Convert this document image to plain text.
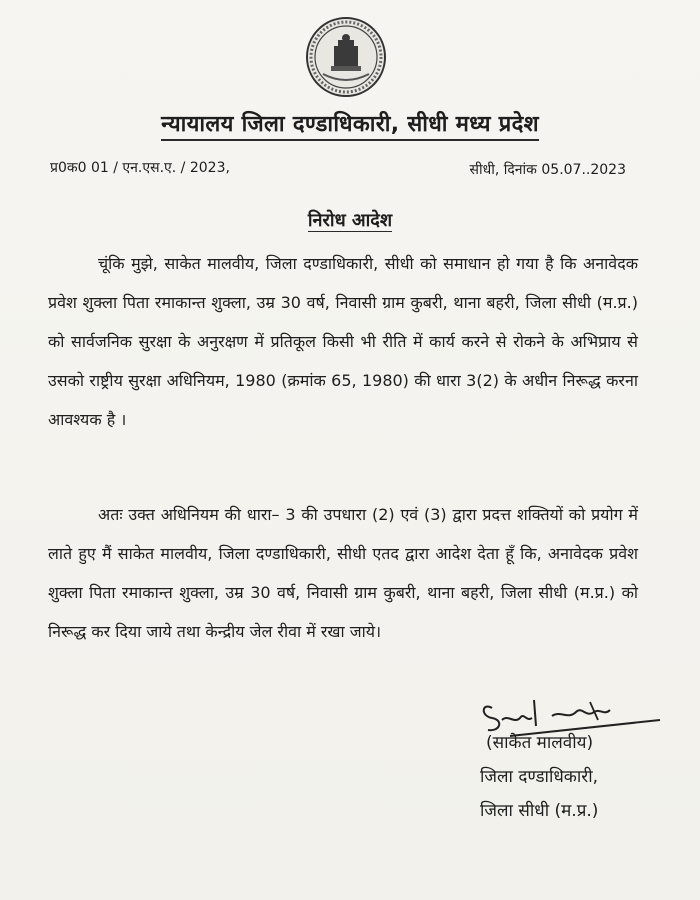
न्यायालय जिला दण्डाधिकारी, सीधी मध्य प्रदेश
प्र0क0 01 / एन.एस.ए. / 2023,	सीधी, दिनांक 05.07..2023
निरोध आदेश

चूंकि मुझे, साकेत मालवीय, जिला दण्डाधिकारी, सीधी को समाधान हो गया है कि अनावेदक प्रवेश शुक्ला पिता रमाकान्त शुक्ला, उम्र 30 वर्ष, निवासी ग्राम कुबरी, थाना बहरी, जिला सीधी (म.प्र.) को सार्वजनिक सुरक्षा के अनुरक्षण में प्रतिकूल किसी भी रीति में कार्य करने से रोकने के अभिप्राय से उसको राष्ट्रीय सुरक्षा अधिनियम, 1980 (क्रमांक 65, 1980) की धारा 3(2) के अधीन निरूद्ध करना आवश्यक है ।

अतः उक्त अधिनियम की धारा– 3 की उपधारा (2) एवं (3) द्वारा प्रदत्त शक्तियों को प्रयोग में लाते हुए मैं साकेत मालवीय, जिला दण्डाधिकारी, सीधी एतद द्वारा आदेश देता हूँ कि, अनावेदक प्रवेश शुक्ला पिता रमाकान्त शुक्ला, उम्र 30 वर्ष, निवासी ग्राम कुबरी, थाना बहरी, जिला सीधी (म.प्र.) को निरूद्ध कर दिया जाये तथा केन्द्रीय जेल रीवा में रखा जाये।

(साकेत मालवीय)
जिला दण्डाधिकारी,
जिला सीधी (म.प्र.)
